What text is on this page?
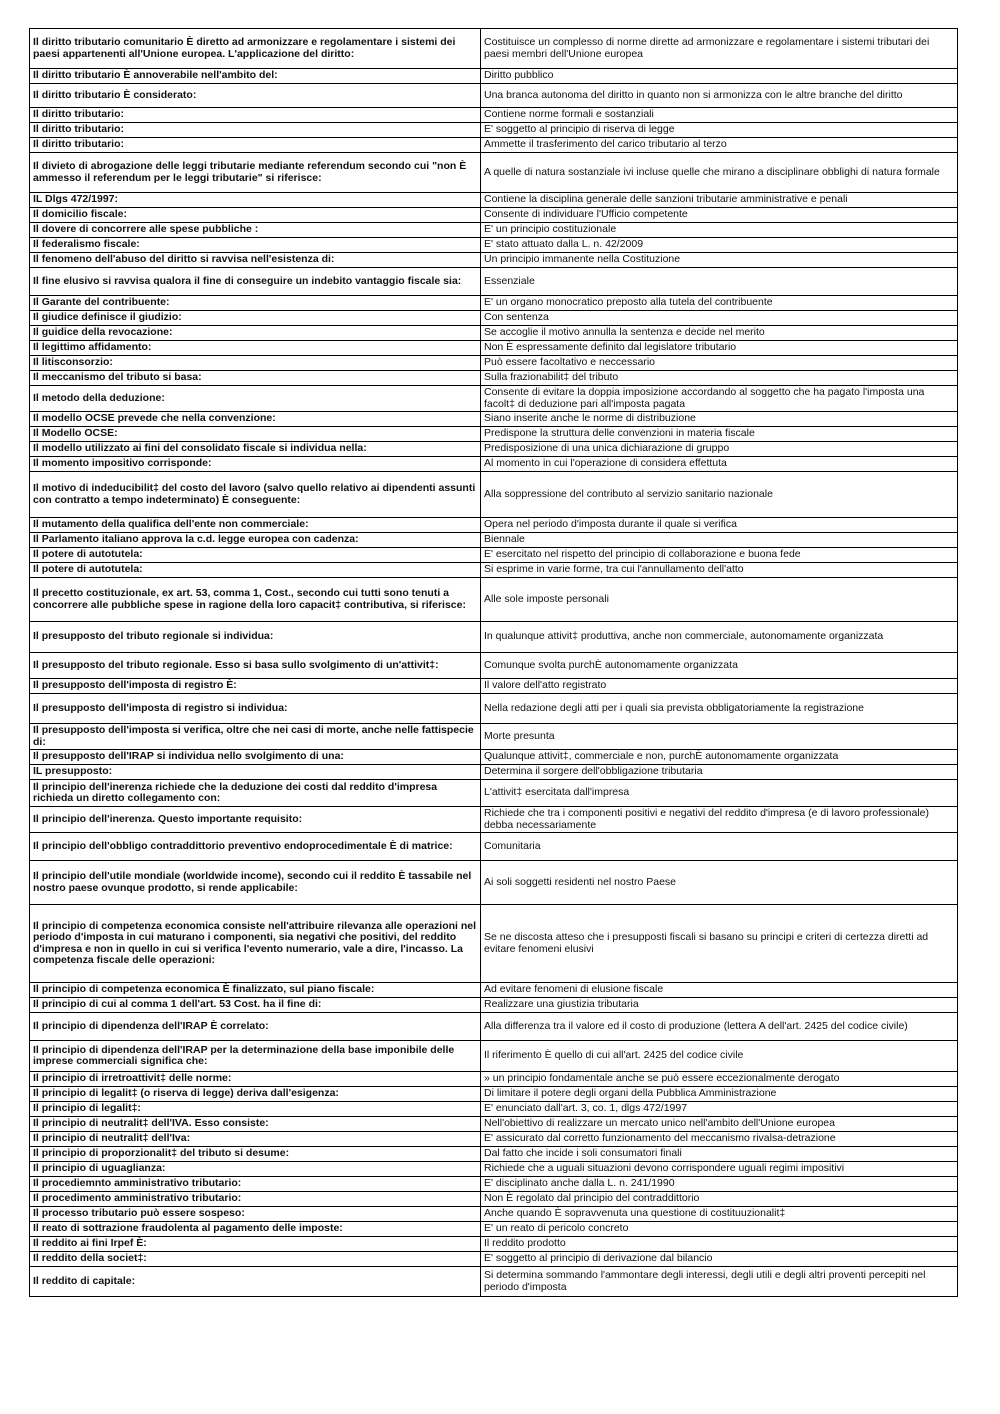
Il diritto tributario comunitario È diretto ad armonizzare e regolamentare i sistemi dei paesi appartenenti all'Unione europea. L'applicazione del diritto:	Costituisce un complesso di norme dirette ad armonizzare e regolamentare i sistemi tributari dei paesi membri dell'Unione europea
Il diritto tributario È annoverabile nell'ambito del:	Diritto pubblico
Il diritto tributario È considerato:	Una branca autonoma del diritto in quanto non si armonizza con le altre branche del diritto
Il diritto tributario:	Contiene norme formali e sostanziali
Il diritto tributario:	E' soggetto al principio di riserva di legge
Il diritto tributario:	Ammette il trasferimento del carico tributario al terzo
Il divieto di abrogazione delle leggi tributarie mediante referendum secondo cui "non È ammesso il referendum per le leggi tributarie" si riferisce:	A quelle di natura sostanziale ivi incluse quelle che mirano a disciplinare obblighi di natura formale
IL Dlgs 472/1997:	Contiene la disciplina generale delle sanzioni tributarie amministrative e penali
Il domicilio fiscale:	Consente di individuare l'Ufficio competente
Il dovere di concorrere alle spese pubbliche :	E' un principio costituzionale
Il federalismo fiscale:	E' stato attuato dalla L. n. 42/2009
Il fenomeno dell'abuso del diritto si ravvisa nell'esistenza di:	Un principio immanente nella Costituzione
Il fine elusivo si ravvisa qualora il fine di conseguire un indebito vantaggio fiscale sia:	Essenziale
Il Garante del contribuente:	E' un organo monocratico preposto alla tutela del contribuente
Il giudice definisce il giudizio:	Con sentenza
Il guidice della revocazione:	Se accoglie il motivo annulla la sentenza e decide nel merito
Il legittimo affidamento:	Non È espressamente definito dal legislatore tributario
Il litisconsorzio:	Può essere facoltativo e neccessario
Il meccanismo del tributo si basa:	Sulla frazionabilit‡ del tributo
Il metodo della deduzione:	Consente di evitare la doppia imposizione accordando al soggetto che ha pagato l'imposta una facolt‡ di deduzione pari all'imposta pagata
Il modello OCSE prevede che nella convenzione:	Siano inserite anche le norme di distribuzione
Il Modello OCSE:	Predispone la struttura delle convenzioni in materia fiscale
Il modello utilizzato ai fini del consolidato fiscale si individua nella:	Predisposizione di una unica dichiarazione di gruppo
Il momento impositivo corrisponde:	Al momento in cui l'operazione di considera effettuta
Il motivo di indeducibilit‡ del costo del lavoro (salvo quello relativo ai dipendenti assunti con contratto a tempo indeterminato) È conseguente:	Alla soppressione del contributo al servizio sanitario nazionale
Il mutamento della qualifica dell'ente non commerciale:	Opera nel periodo d'imposta durante il quale si verifica
Il Parlamento italiano approva la c.d. legge europea con cadenza:	Biennale
Il potere di autotutela:	E' esercitato nel rispetto del principio di collaborazione e buona fede
Il potere di autotutela:	Si esprime in varie forme, tra cui l'annullamento dell'atto
Il precetto costituzionale, ex art. 53, comma 1, Cost., secondo cui tutti sono tenuti a concorrere alle pubbliche spese in ragione della loro capacit‡ contributiva, si riferisce:	Alle sole imposte personali
Il presupposto del tributo regionale si individua:	In qualunque attivit‡ produttiva, anche non commerciale, autonomamente organizzata
Il presupposto del tributo regionale. Esso si basa sullo svolgimento di un'attivit‡:	Comunque svolta purchÈ autonomamente organizzata
Il presupposto dell'imposta di registro È:	Il valore dell'atto registrato
Il presupposto dell'imposta di registro si individua:	Nella redazione degli atti per i quali sia prevista obbligatoriamente la registrazione
Il presupposto dell'imposta si verifica, oltre che nei casi di morte, anche nelle fattispecie di:	Morte presunta
Il presupposto dell'IRAP si individua nello svolgimento di una:	Qualunque attivit‡, commerciale e non, purchÈ autonomamente organizzata
IL presupposto:	Determina il sorgere dell'obbligazione tributaria
Il principio dell'inerenza richiede che la deduzione dei costi dal reddito d'impresa richieda un diretto collegamento con:	L'attivit‡ esercitata dall'impresa
Il principio dell'inerenza. Questo importante requisito:	Richiede che tra i componenti positivi e negativi del reddito d'impresa (e di lavoro professionale) debba necessariamente
Il principio dell'obbligo contraddittorio preventivo endoprocedimentale È di matrice:	Comunitaria
Il principio dell'utile mondiale (worldwide income), secondo cui il reddito È tassabile nel nostro paese ovunque prodotto, si rende applicabile:	Ai soli soggetti residenti nel nostro Paese
Il principio di competenza economica consiste nell'attribuire rilevanza alle operazioni nel periodo d'imposta in cui maturano i componenti, sia negativi che positivi, del reddito d'impresa e non in quello in cui si verifica l'evento numerario, vale a dire, l'incasso. La competenza fiscale delle operazioni:	Se ne discosta atteso che i presupposti fiscali si basano su principi e criteri di certezza diretti ad evitare fenomeni elusivi
Il principio di competenza economica È finalizzato, sul piano fiscale:	Ad evitare fenomeni di elusione fiscale
Il principio di cui al comma 1 dell'art. 53 Cost. ha il fine di:	Realizzare una giustizia tributaria
Il principio di dipendenza dell'IRAP È correlato:	Alla differenza tra il valore ed il costo di produzione (lettera A dell'art. 2425 del codice civile)
Il principio di dipendenza dell'IRAP per la determinazione della base imponibile delle imprese commerciali significa che:	Il riferimento È quello di cui all'art. 2425 del codice civile
Il principio di irretroattivit‡ delle norme:	» un principio fondamentale anche se può essere eccezionalmente derogato
Il principio di legalit‡ (o riserva di legge) deriva dall'esigenza:	Di limitare il potere degli organi della Pubblica Amministrazione
Il principio di legalit‡:	E' enunciato dall'art. 3, co. 1, dlgs 472/1997
Il principio di neutralit‡ dell'IVA. Esso consiste:	Nell'obiettivo di realizzare un mercato unico nell'ambito dell'Unione europea
Il principio di neutralit‡ dell'Iva:	E' assicurato dal corretto funzionamento del meccanismo rivalsa-detrazione
Il principio di proporzionalit‡ del tributo si desume:	Dal fatto che incide i soli consumatori finali
Il principio di uguaglianza:	Richiede che a uguali situazioni devono corrispondere uguali regimi impositivi
Il procediemnto amministrativo tributario:	E' disciplinato anche dalla L. n. 241/1990
Il procedimento amministrativo tributario:	Non È regolato dal principio del contraddittorio
Il processo tributario può essere sospeso:	Anche quando È sopravvenuta una questione di costituuzionalit‡
Il reato di sottrazione fraudolenta al pagamento delle imposte:	E' un reato di pericolo concreto
Il reddito ai fini Irpef È:	Il reddito prodotto
Il reddito della societ‡:	E' soggetto al principio di derivazione dal bilancio
Il reddito di capitale:	Si determina sommando l'ammontare degli interessi, degli utili e degli altri proventi percepiti nel periodo d'imposta
